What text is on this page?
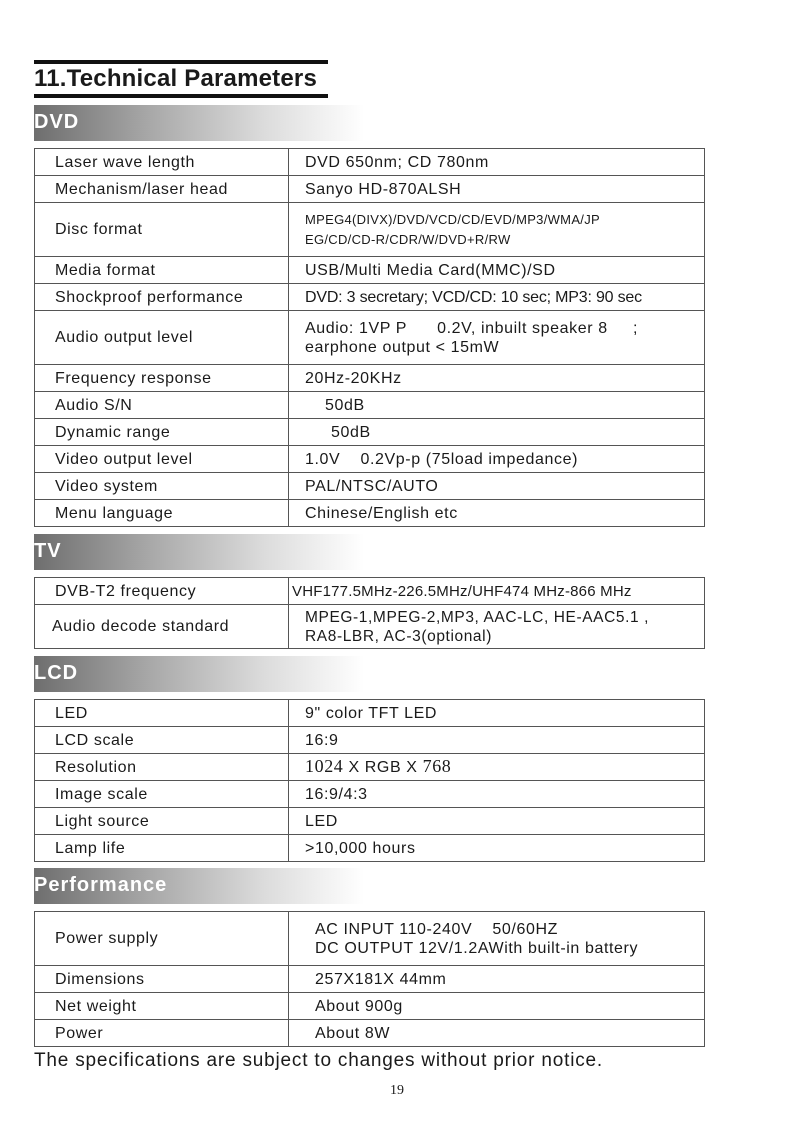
11.Technical Parameters
DVD
Laser wave length	DVD 650nm; CD 780nm
Mechanism/laser head	Sanyo HD-870ALSH
Disc format	MPEG4(DIVX)/DVD/VCD/CD/EVD/MP3/WMA/JP
EG/CD/CD-R/CDR/W/DVD+R/RW

Media format	USB/Multi Media Card(MMC)/SD
Shockproof performance	DVD: 3 secretary; VCD/CD: 10 sec; MP3: 90 sec
Audio output level	Audio: 1VP P      0.2V, inbuilt speaker 8     ;
earphone output < 15mW

Frequency response	20Hz-20KHz
Audio S/N	50dB
Dynamic range	50dB
Video output level	1.0V    0.2Vp-p (75load impedance)
Video system	PAL/NTSC/AUTO
Menu language	Chinese/English etc
TV
DVB-T2 frequency	VHF177.5MHz-226.5MHz/UHF474 MHz-866 MHz
Audio decode standard	MPEG-1,MPEG-2,MP3, AAC-LC, HE-AAC5.1 ,
RA8-LBR, AC-3(optional)
LCD
LED	9" color TFT LED
LCD scale	16:9
Resolution	1024 X RGB X 768
Image scale	16:9/4:3
Light source	LED
Lamp life	>10,000 hours
Performance
Power supply	AC INPUT 110-240V    50/60HZ
DC OUTPUT 12V/1.2AWith built-in battery

Dimensions	257X181X 44mm
Net weight	About 900g
Power	About 8W
The specifications are subject to changes without prior notice.
19
